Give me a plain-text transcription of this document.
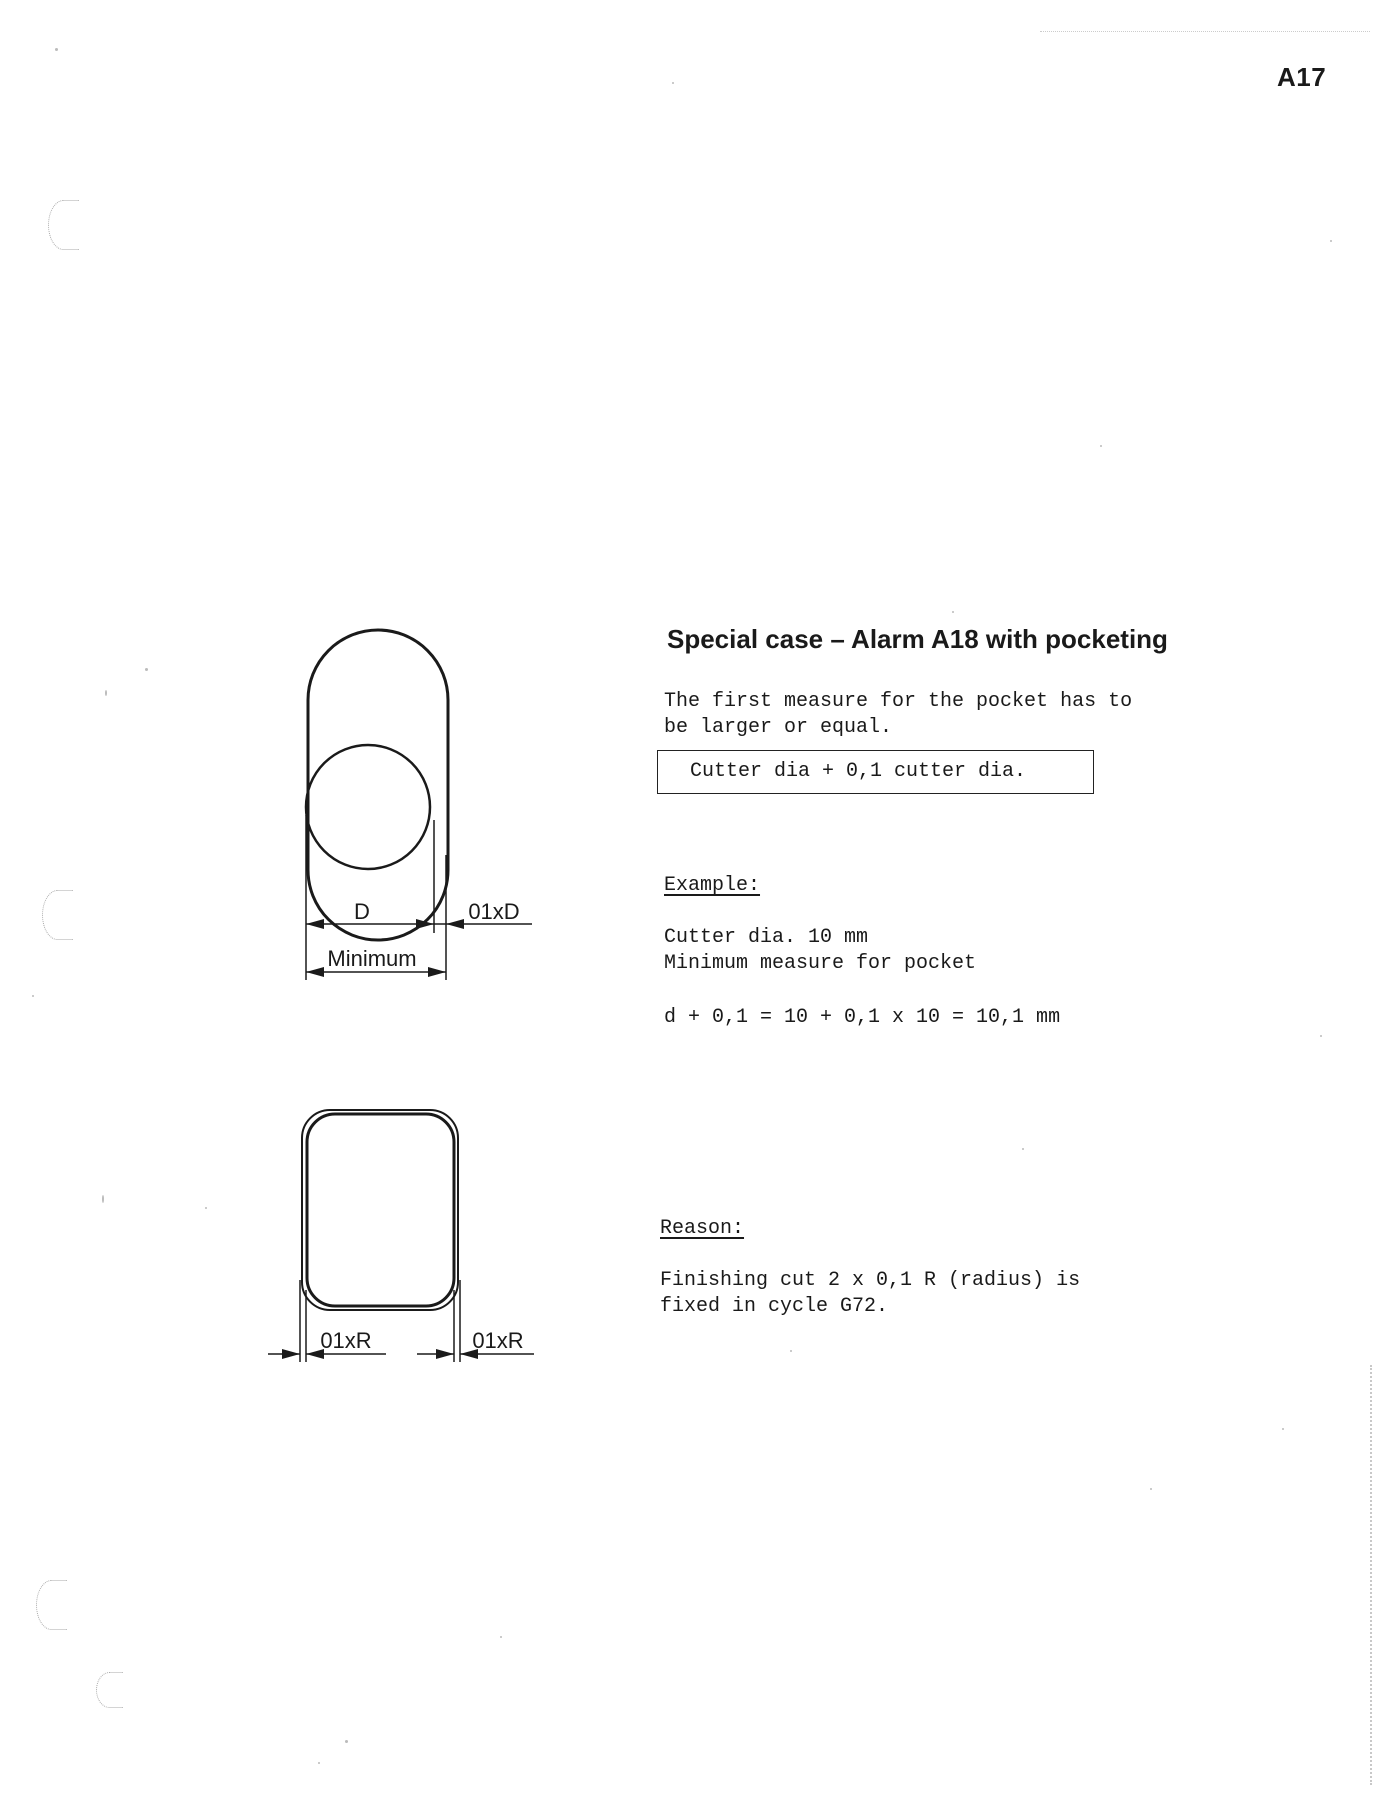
A17
D	01xD
Minimum
01xR	01xR
Special case – Alarm A18 with pocketing
The first measure for the pocket has to
be larger or equal.
Cutter dia + 0,1 cutter dia.
Example:
Cutter dia. 10 mm
Minimum measure for pocket
d + 0,1 = 10 + 0,1 x 10 = 10,1 mm
Reason:
Finishing cut 2 x 0,1 R (radius) is
fixed in cycle G72.
